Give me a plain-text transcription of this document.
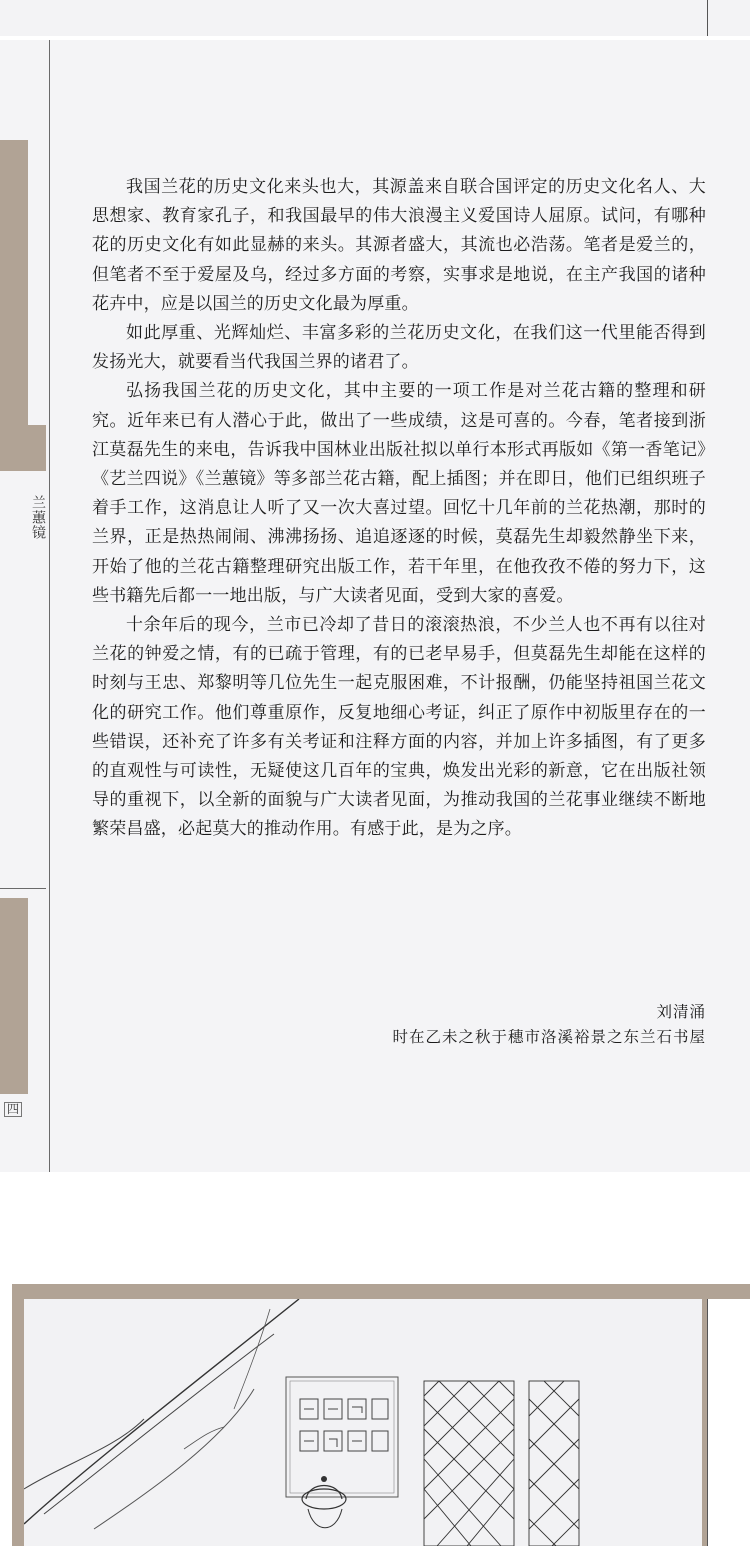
兰蕙镜
四

我国兰花的历史文化来头也大，其源盖来自联合国评定的历史文化名人、大思想家、教育家孔子，和我国最早的伟大浪漫主义爱国诗人屈原。试问，有哪种花的历史文化有如此显赫的来头。其源者盛大，其流也必浩荡。笔者是爱兰的，但笔者不至于爱屋及乌，经过多方面的考察，实事求是地说，在主产我国的诸种花卉中，应是以国兰的历史文化最为厚重。

如此厚重、光辉灿烂、丰富多彩的兰花历史文化，在我们这一代里能否得到发扬光大，就要看当代我国兰界的诸君了。

弘扬我国兰花的历史文化，其中主要的一项工作是对兰花古籍的整理和研究。近年来已有人潜心于此，做出了一些成绩，这是可喜的。今春，笔者接到浙江莫磊先生的来电，告诉我中国林业出版社拟以单行本形式再版如《第一香笔记》《艺兰四说》《兰蕙镜》等多部兰花古籍，配上插图；并在即日，他们已组织班子着手工作，这消息让人听了又一次大喜过望。回忆十几年前的兰花热潮，那时的兰界，正是热热闹闹、沸沸扬扬、追追逐逐的时候，莫磊先生却毅然静坐下来，开始了他的兰花古籍整理研究出版工作，若干年里，在他孜孜不倦的努力下，这些书籍先后都一一地出版，与广大读者见面，受到大家的喜爱。

十余年后的现今，兰市已冷却了昔日的滚滚热浪，不少兰人也不再有以往对兰花的钟爱之情，有的已疏于管理，有的已老早易手，但莫磊先生却能在这样的时刻与王忠、郑黎明等几位先生一起克服困难，不计报酬，仍能坚持祖国兰花文化的研究工作。他们尊重原作，反复地细心考证，纠正了原作中初版里存在的一些错误，还补充了许多有关考证和注释方面的内容，并加上许多插图，有了更多的直观性与可读性，无疑使这几百年的宝典，焕发出光彩的新意，它在出版社领导的重视下，以全新的面貌与广大读者见面，为推动我国的兰花事业继续不断地繁荣昌盛，必起莫大的推动作用。有感于此，是为之序。

刘清涌
时在乙未之秋于穗市洛溪裕景之东兰石书屋
